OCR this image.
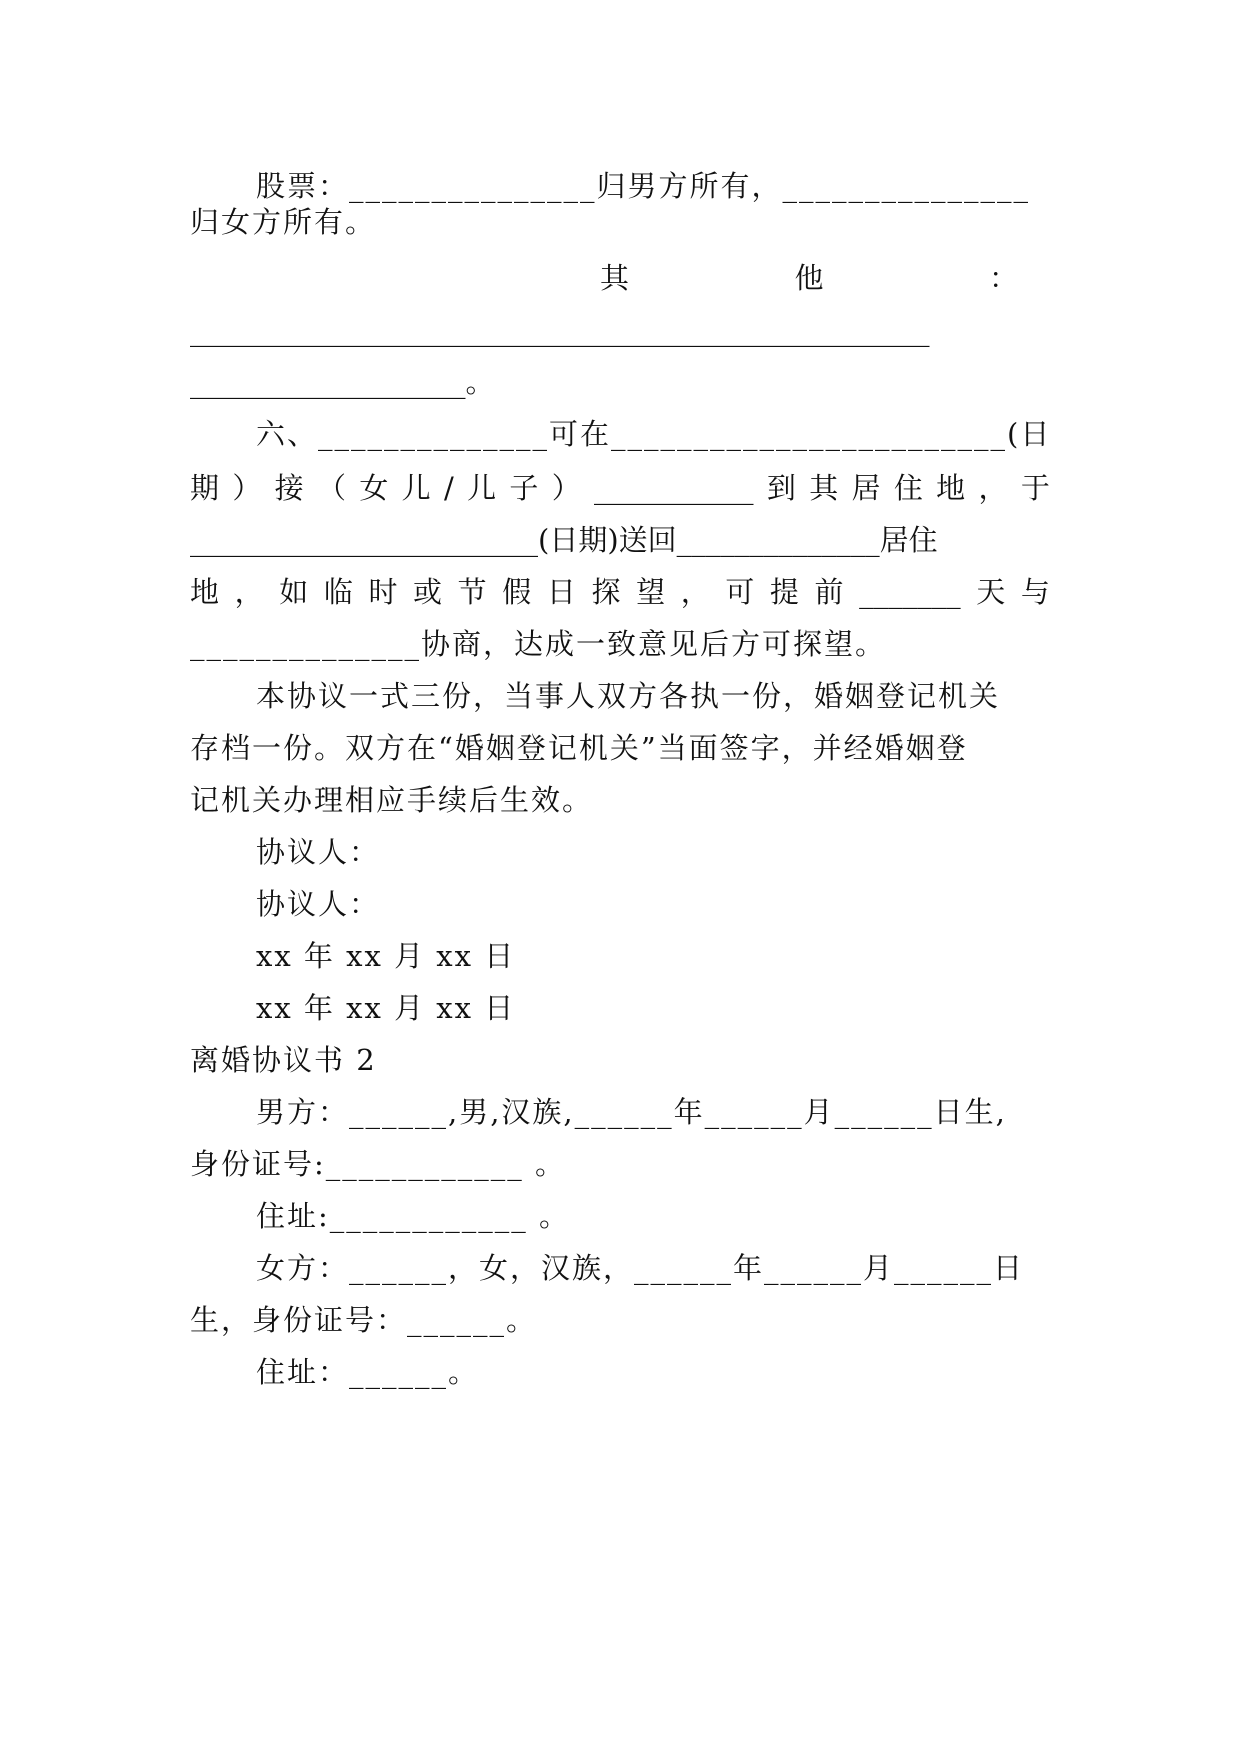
股票：_______________归男方所有，_______________
归女方所有。
其	他	：
___________________________________________________
___________________。
六、______________可在________________________(日
期 ） 接 （ 女 儿 / 儿 子 ） ___________ 到 其 居 住 地 ， 于
________________________(日期)送回______________居住
地 ， 如 临 时 或 节 假 日 探 望 ， 可 提 前 _______ 天 与
______________协商，达成一致意见后方可探望。
本协议一式三份，当事人双方各执一份，婚姻登记机关
存档一份。双方在“婚姻登记机关”当面签字，并经婚姻登
记机关办理相应手续后生效。
协议人：
协议人：
xx 年 xx 月 xx 日
xx 年 xx 月 xx 日
离婚协议书 2
男方：______,男,汉族,______年______月______日生,
身份证号:____________ 。
住址:____________ 。
女方：______，女，汉族，______年______月______日
生，身份证号：______。
住址：______。
